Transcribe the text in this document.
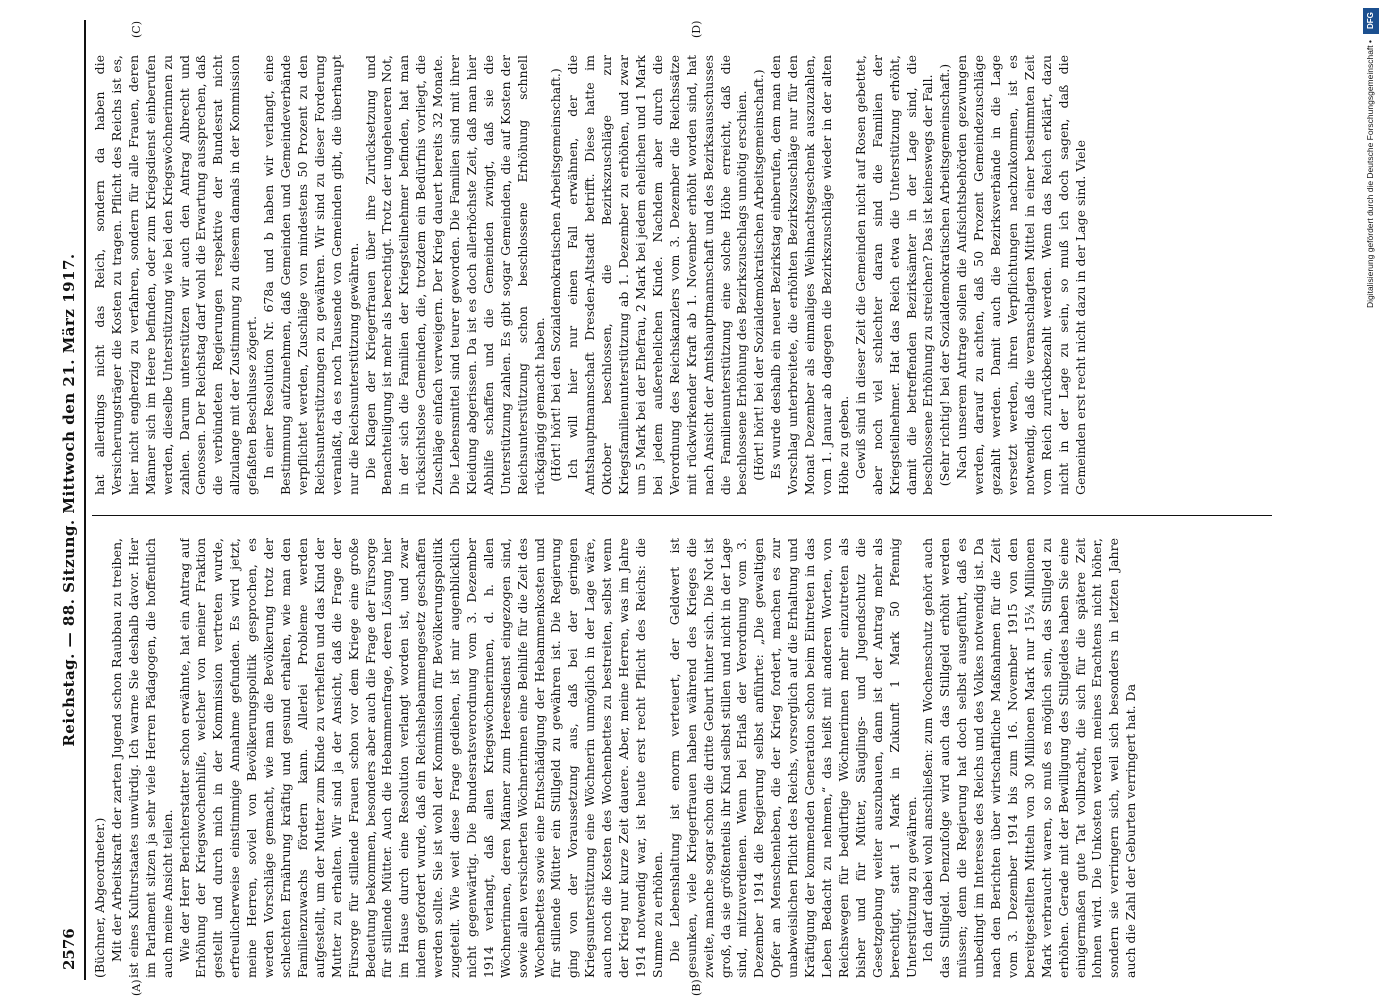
2576
Reichstag. — 88. Sitzung. Mittwoch den 21. März 1917.
(A)	(B)
(C)	(D)

(Büchner, Abgeordneter.) Mit der Arbeitskraft der zarten Jugend schon Raubbau zu treiben, ist eines Kulturstaates unwürdig. Ich warne Sie deshalb davor. Hier im Parlament sitzen ja sehr viele Herren Pädagogen, die hoffentlich auch meine Ansicht teilen. Wie der Herr Berichterstatter schon erwähnte, hat ein Antrag auf Erhöhung der Kriegswochenhilfe, welcher von meiner Fraktion gestellt und durch mich in der Kommission vertreten wurde, erfreulicherweise einstimmige Annahme gefunden. Es wird jetzt, meine Herren, soviel von Bevölkerungspolitik gesprochen, es werden Vorschläge gemacht, wie man die Bevölkerung trotz der schlechten Ernährung kräftig und gesund erhalten, wie man den Familienzuwachs fördern kann. Allerlei Probleme werden aufgestellt, um der Mutter zum Kinde zu verhelfen und das Kind der Mutter zu erhalten. Wir sind ja der Ansicht, daß die Frage der Fürsorge für stillende Frauen schon vor dem Kriege eine große Bedeutung bekommen, besonders aber auch die Frage der Fürsorge für stillende Mütter. Auch die Hebammenfrage, deren Lösung hier im Hause durch eine Resolution verlangt worden ist, und zwar indem gefordert wurde, daß ein Reichshebammengesetz geschaffen werden sollte. Sie ist wohl der Kommission für Bevölkerungspolitik zugeteilt. Wie weit diese Frage gediehen, ist mir augenblicklich nicht gegenwärtig. Die Bundesratsverordnung vom 3. Dezember 1914 verlangt, daß allen Kriegswöchnerinnen, d. h. allen Wöchnerinnen, deren Männer zum Heeresdienst eingezogen sind, sowie allen versicherten Wöchnerinnen eine Beihilfe für die Zeit des Wochenbettes sowie eine Entschädigung der Hebammenkosten und für stillende Mütter ein Stillgeld zu gewähren ist. Die Regierung ging von der Voraussetzung aus, daß bei der geringen Kriegsunterstützung eine Wöchnerin unmöglich in der Lage wäre, auch noch die Kosten des Wochenbettes zu bestreiten, selbst wenn der Krieg nur kurze Zeit dauere. Aber, meine Herren, was im Jahre 1914 notwendig war, ist heute erst recht Pflicht des Reichs: die Summe zu erhöhen. Die Lebenshaltung ist enorm verteuert, der Geldwert ist gesunken, viele Kriegerfrauen haben während des Krieges die zweite, manche sogar schon die dritte Geburt hinter sich. Die Not ist groß, da sie größtenteils ihr Kind selbst stillen und nicht in der Lage sind, mitzuverdienen. Wenn bei Erlaß der Verordnung vom 3. Dezember 1914 die Regierung selbst anführte: „Die gewaltigen Opfer an Menschenleben, die der Krieg fordert, machen es zur unabweislichen Pflicht des Reichs, vorsorglich auf die Erhaltung und Kräftigung der kommenden Generation schon beim Eintreten in das Leben Bedacht zu nehmen,“ das heißt mit anderen Worten, von Reichswegen für bedürftige Wöchnerinnen mehr einzutreten als bisher und für Mütter, Säuglings- und Jugendschutz die Gesetzgebung weiter auszubauen, dann ist der Antrag mehr als berechtigt, statt 1 Mark in Zukunft 1 Mark 50 Pfennig Unterstützung zu gewähren. Ich darf dabei wohl anschließen: zum Wochenschutz gehört auch das Stillgeld. Denzufolge wird auch das Stillgeld erhöht werden müssen; denn die Regierung hat doch selbst ausgeführt, daß es unbedingt im Interesse des Reichs und des Volkes notwendig ist. Da nach den Berichten über wirtschaftliche Maßnahmen für die Zeit vom 3. Dezember 1914 bis zum 16. November 1915 von den bereitgestellten Mitteln von 30 Millionen Mark nur 15¼ Millionen Mark verbraucht waren, so muß es möglich sein, das Stillgeld zu erhöhen. Gerade mit der Bewilligung des Stillgeldes haben Sie eine einigermaßen gute Tat vollbracht, die sich für die spätere Zeit lohnen wird. Die Unkosten werden meines Erachtens nicht höher, sondern sie verringern sich, weil sich besonders in letzten Jahre auch die Zahl der Geburten verringert hat. Da

hat allerdings nicht das Reich, sondern da haben die Versicherungsträger die Kosten zu tragen. Pflicht des Reichs ist es, hier nicht engherzig zu verfahren, sondern für alle Frauen, deren Männer sich im Heere befinden, oder zum Kriegsdienst einberufen werden, dieselbe Unterstützung wie bei den Kriegswöchnerinnen zu zahlen. Darum unterstützen wir auch den Antrag Albrecht und Genossen. Der Reichstag darf wohl die Erwartung aussprechen, daß die verbündeten Regierungen respektive der Bundesrat nicht allzulange mit der Zustimmung zu diesem damals in der Kommission gefaßten Beschlusse zögert. In einer Resolution Nr. 678a und b haben wir verlangt, eine Bestimmung aufzunehmen, daß Gemeinden und Gemeindeverbände verpflichtet werden, Zuschläge von mindestens 50 Prozent zu den Reichsunterstützungen zu gewähren. Wir sind zu dieser Forderung veranlaßt, da es noch Tausende von Gemeinden gibt, die überhaupt nur die Reichsunterstützung gewähren. Die Klagen der Kriegerfrauen über ihre Zurücksetzung und Benachteiligung ist mehr als berechtigt. Trotz der ungeheueren Not, in der sich die Familien der Kriegsteilnehmer befinden, hat man rücksichtslose Gemeinden, die, trotzdem ein Bedürfnis vorliegt, die Zuschläge einfach verweigern. Der Krieg dauert bereits 32 Monate. Die Lebensmittel sind teurer geworden. Die Familien sind mit ihrer Kleidung abgerissen. Da ist es doch allerhöchste Zeit, daß man hier Abhilfe schaffen und die Gemeinden zwingt, daß sie die Unterstützung zahlen. Es gibt sogar Gemeinden, die auf Kosten der Reichsunterstützung schon beschlossene Erhöhung schnell rückgängig gemacht haben. (Hört! hört! bei den Sozialdemokratischen Arbeitsgemeinschaft.) Ich will hier nur einen Fall erwähnen, der die Amtshauptmannschaft Dresden-Altstadt betrifft. Diese hatte im Oktober beschlossen, die Bezirkszuschläge zur Kriegsfamilienunterstützung ab 1. Dezember zu erhöhen, und zwar um 5 Mark bei der Ehefrau, 2 Mark bei jedem ehelichen und 1 Mark bei jedem außerehelichen Kinde. Nachdem aber durch die Verordnung des Reichskanzlers vom 3. Dezember die Reichssätze mit rückwirkender Kraft ab 1. November erhöht worden sind, hat nach Ansicht der Amtshauptmannschaft und des Bezirksausschusses die Familienunterstützung eine solche Höhe erreicht, daß die beschlossene Erhöhung des Bezirkszuschlags unnötig erschien. (Hört! hört! bei der Sozialdemokratischen Arbeitsgemeinschaft.) Es wurde deshalb ein neuer Bezirkstag einberufen, dem man den Vorschlag unterbreitete, die erhöhten Bezirkszuschläge nur für den Monat Dezember als einmaliges Weihnachtsgeschenk auszuzahlen, vom 1. Januar ab dagegen die Bezirkszuschläge wieder in der alten Höhe zu geben. Gewiß sind in dieser Zeit die Gemeinden nicht auf Rosen gebettet, aber noch viel schlechter daran sind die Familien der Kriegsteilnehmer. Hat das Reich etwa die Unterstützung erhöht, damit die betreffenden Bezirksämter in der Lage sind, die beschlossene Erhöhung zu streichen? Das ist keineswegs der Fall. (Sehr richtig! bei der Sozialdemokratischen Arbeitsgemeinschaft.) Nach unserem Antrage sollen die Aufsichtsbehörden gezwungen werden, darauf zu achten, daß 50 Prozent Gemeindezuschläge gezahlt werden. Damit auch die Bezirksverbände in die Lage versetzt werden, ihren Verpflichtungen nachzukommen, ist es notwendig, daß die veranschlagten Mittel in einer bestimmten Zeit vom Reich zurückbezahlt werden. Wenn das Reich erklärt, dazu nicht in der Lage zu sein, so muß ich doch sagen, daß die Gemeinden erst recht nicht dazu in der Lage sind. Viele

DFG
Digitalisierung gefördert durch die Deutsche Forschungsgemeinschaft •
